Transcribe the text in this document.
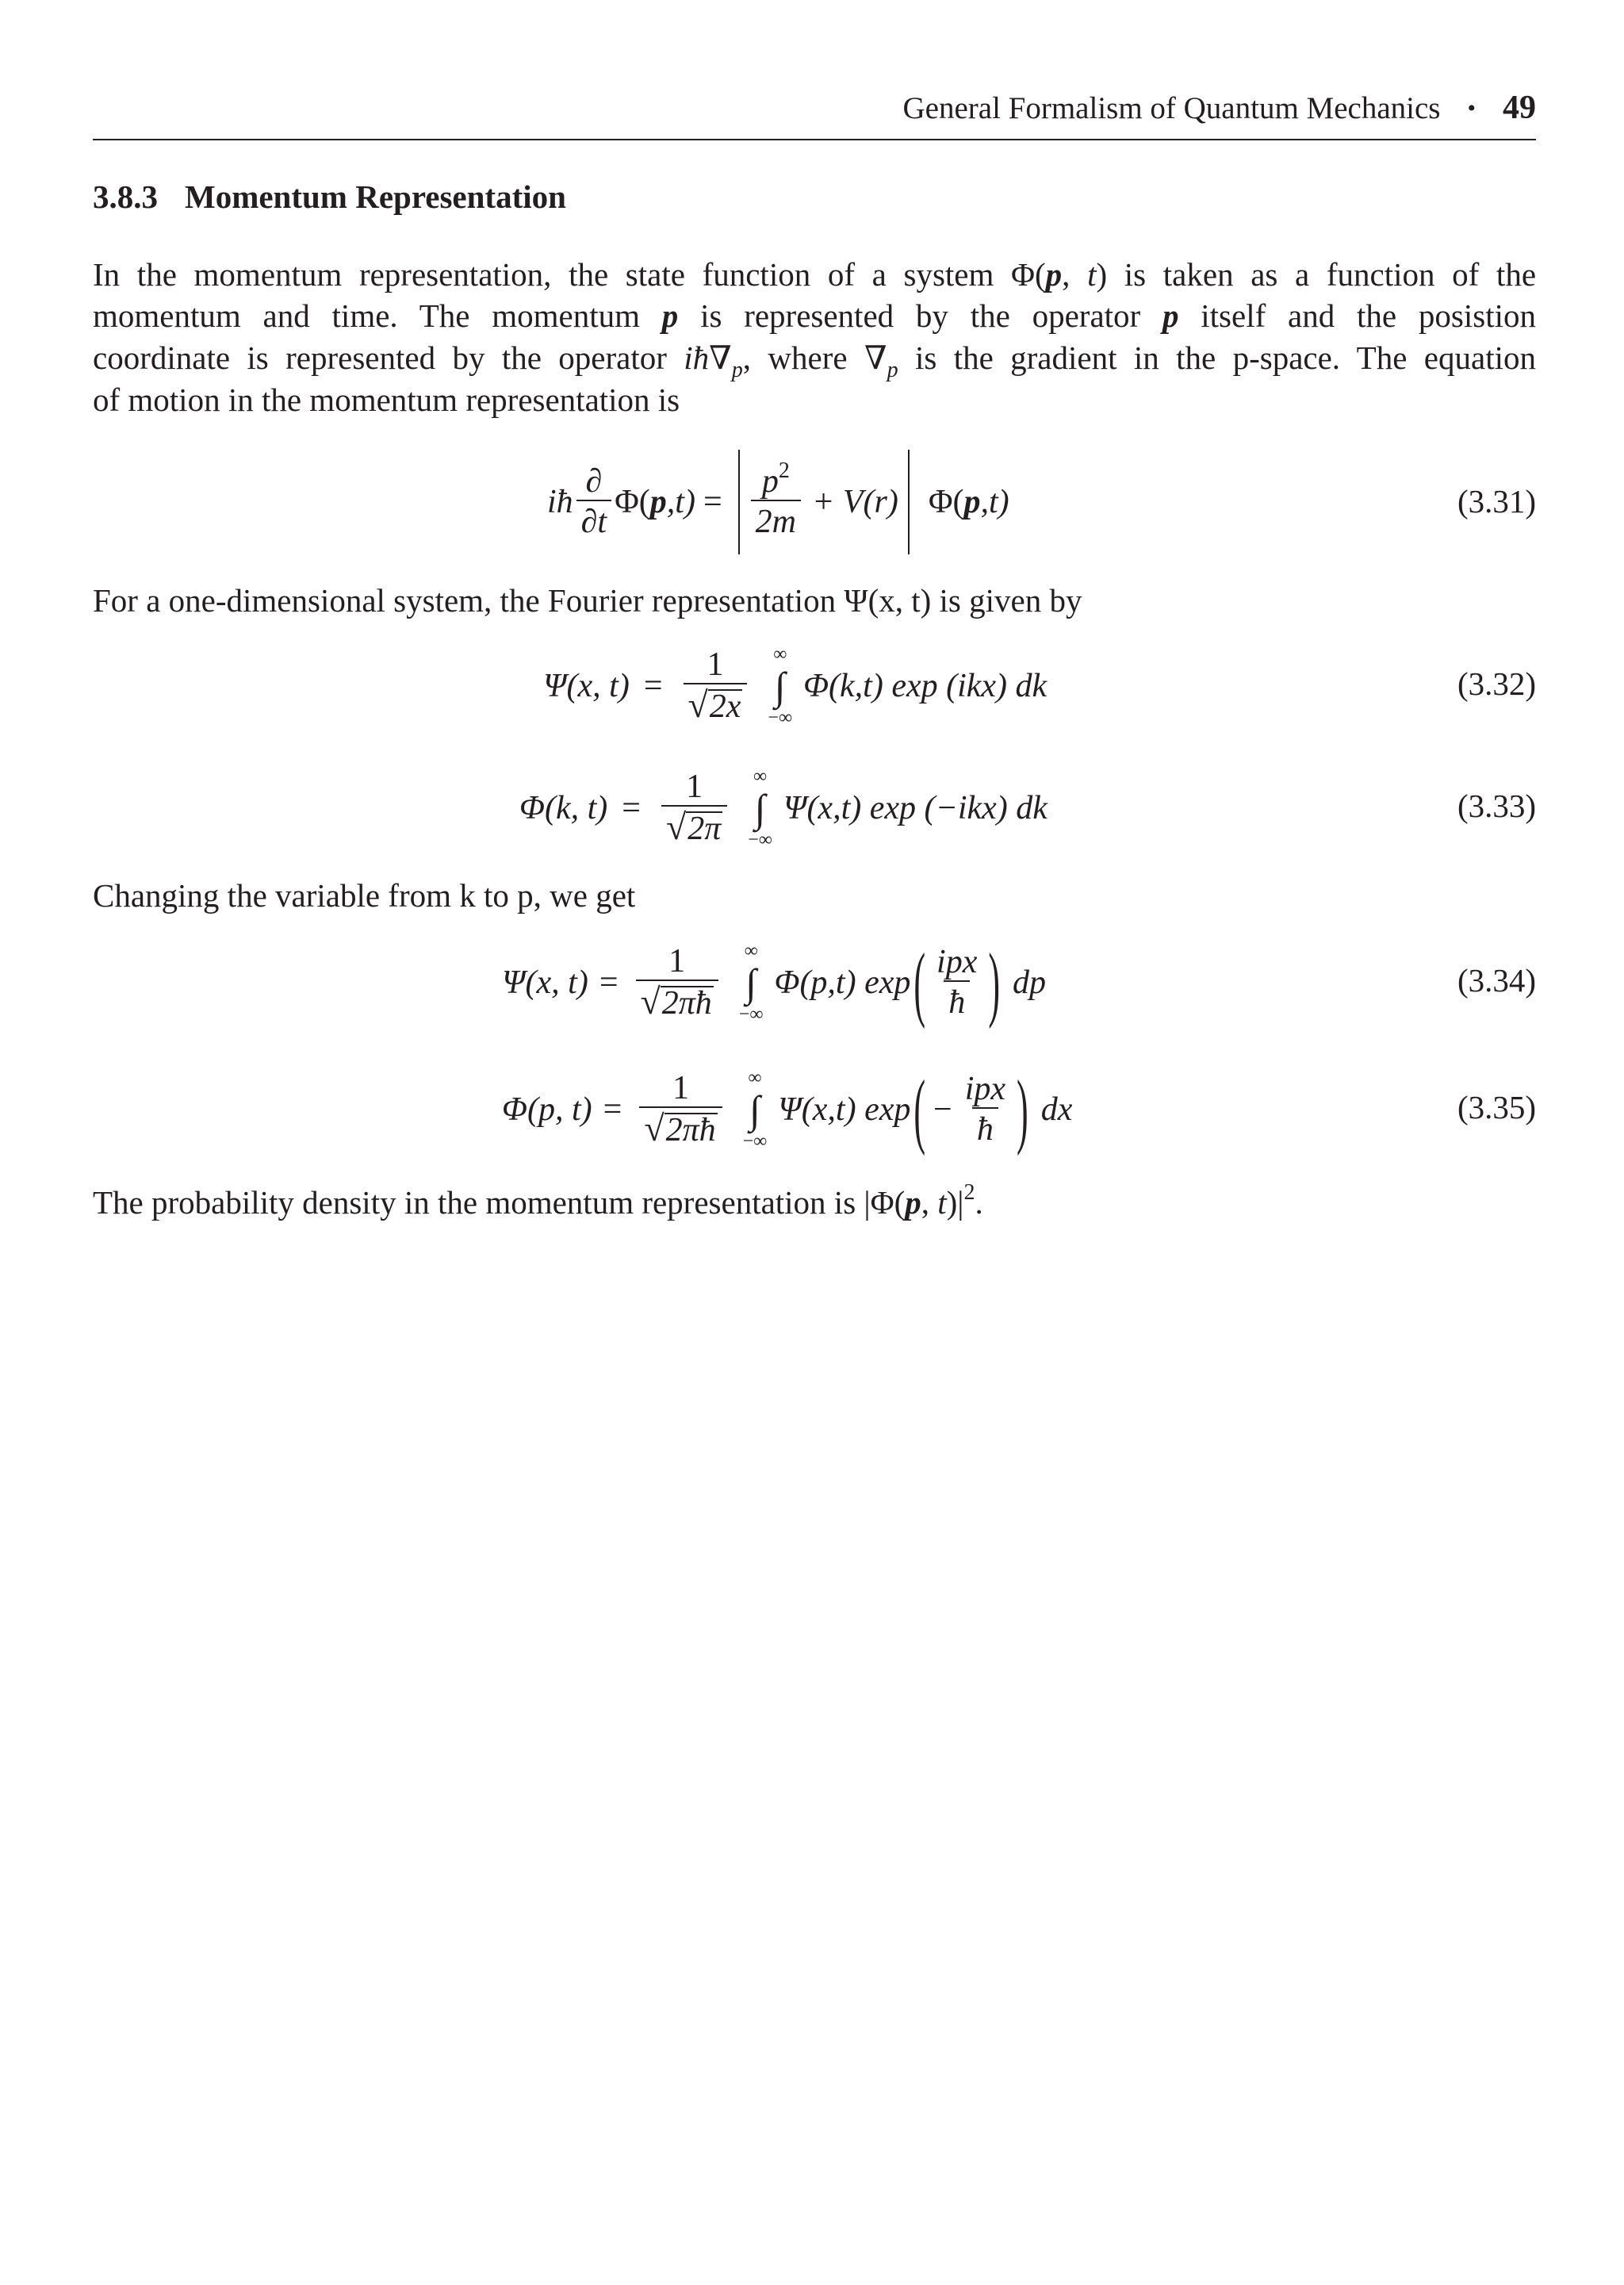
General Formalism of Quantum Mechanics • 49
3.8.3 Momentum Representation
In the momentum representation, the state function of a system Φ(p, t) is taken as a function of the
momentum and time. The momentum p is represented by the operator p itself and the posistion
coordinate is represented by the operator $iħ\nabla_p$, where $\nabla_p$ is the gradient in the p-space. The equation
of motion in the momentum representation is
iħ $\frac{\partial}{\partial t} \Phi$( p $,t) = \frac{p^2}{2m} + V(r)$ Φ( p ,t)	(3.31)
For a one-dimensional system, the Fourier representation Ψ(x, t) is given by
Ψ(x, $t) = \frac{1}{√2x}$ ∞
∫
−∞
Φ(k,t) exp (ikx) dk	(3.32)
Φ(k, $t) = \frac{1}{√2\pi}$ ∞
∫
−∞
Ψ(x,t) exp (−ikx) dk	(3.33)
Changing the variable from k to p, we get
Ψ(x, $t) = \frac{1}{√2\pi ħ}$ ∞
∫
−∞
Φ(p,t) exp ( $\frac{\text{ipx}}{ħ}$ ) dp	(3.34)
Φ(p, $t) = \frac{1}{√2\pi ħ}$ ∞
∫
−∞
Ψ(x,t) exp ( − $\frac{\text{ipx}}{ħ}$ ) dx	(3.35)
The probability density in the momentum representation is |Φ(p, $t)|^2$.
